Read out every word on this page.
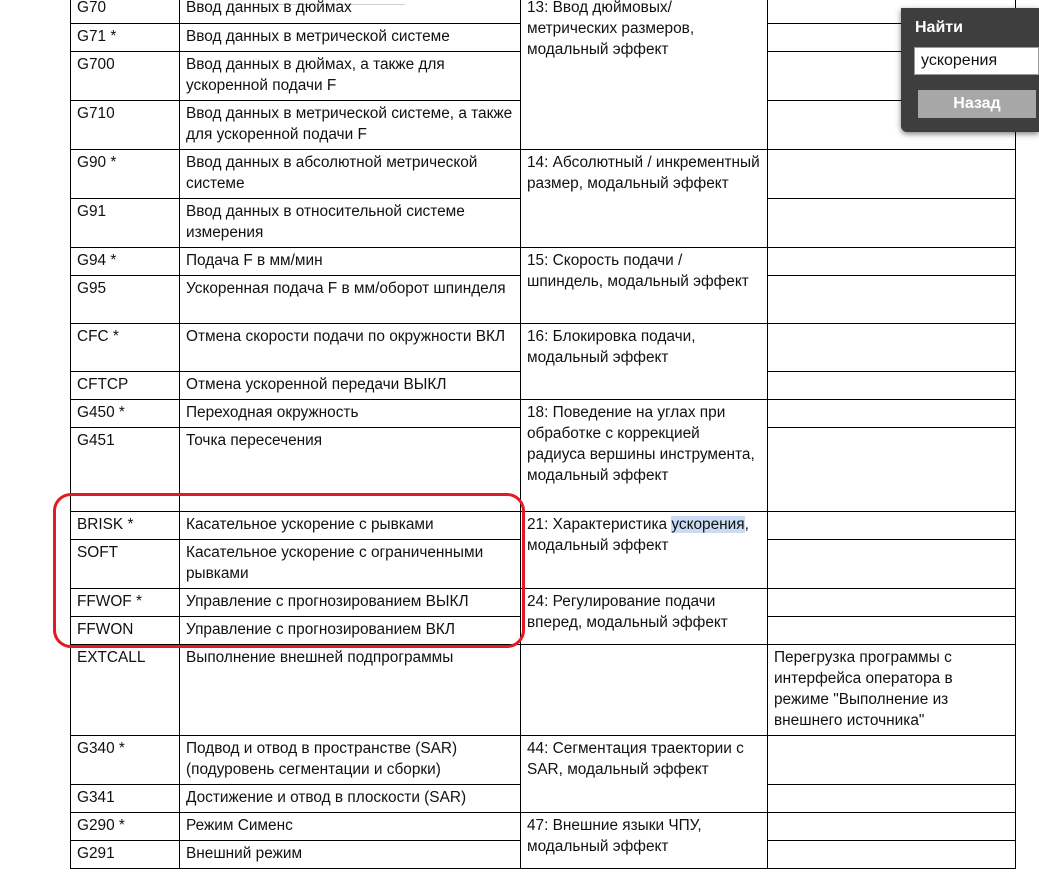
G70	Ввод данных в дюймах	13: Ввод дюймовых/метрических размеров, модальный эффект	
G71 *	Ввод данных в метрической системе		
G700	Ввод данных в дюймах, а также для ускоренной подачи F		
G710	Ввод данных в метрической системе, а также для ускоренной подачи F		
G90 *	Ввод данных в абсолютной метрической системе	14: Абсолютный / инкрементный размер, модальный эффект	
G91	Ввод данных в относительной системе измерения		
G94 *	Подача F в мм/мин	15: Скорость подачи / шпиндель, модальный эффект	
G95	Ускоренная подача F в мм/оборот шпинделя		
CFC *	Отмена скорости подачи по окружности ВКЛ	16: Блокировка подачи, модальный эффект	
CFTCP	Отмена ускоренной передачи ВЫКЛ		
G450 *	Переходная окружность	18: Поведение на углах при обработке с коррекцией радиуса вершины инструмента, модальный эффект	
G451	Точка пересечения		
BRISK *	Касательное ускорение с рывками	21: Характеристика ускорения, модальный эффект	
SOFT	Касательное ускорение с ограниченными рывками		
FFWOF *	Управление с прогнозированием ВЫКЛ	24: Регулирование подачи вперед, модальный эффект	
FFWON	Управление с прогнозированием ВКЛ		
EXTCALL	Выполнение внешней подпрограммы		Перегрузка программы с интерфейса оператора в режиме "Выполнение из внешнего источника"
G340 *	Подвод и отвод в пространстве (SAR) (подуровень сегментации и сборки)	44: Сегментация траектории с SAR, модальный эффект	
G341	Достижение и отвод в плоскости (SAR)		
G290 *	Режим Сименс	47: Внешние языки ЧПУ, модальный эффект	
G291	Внешний режим		
Найти
ускорения
Назад
